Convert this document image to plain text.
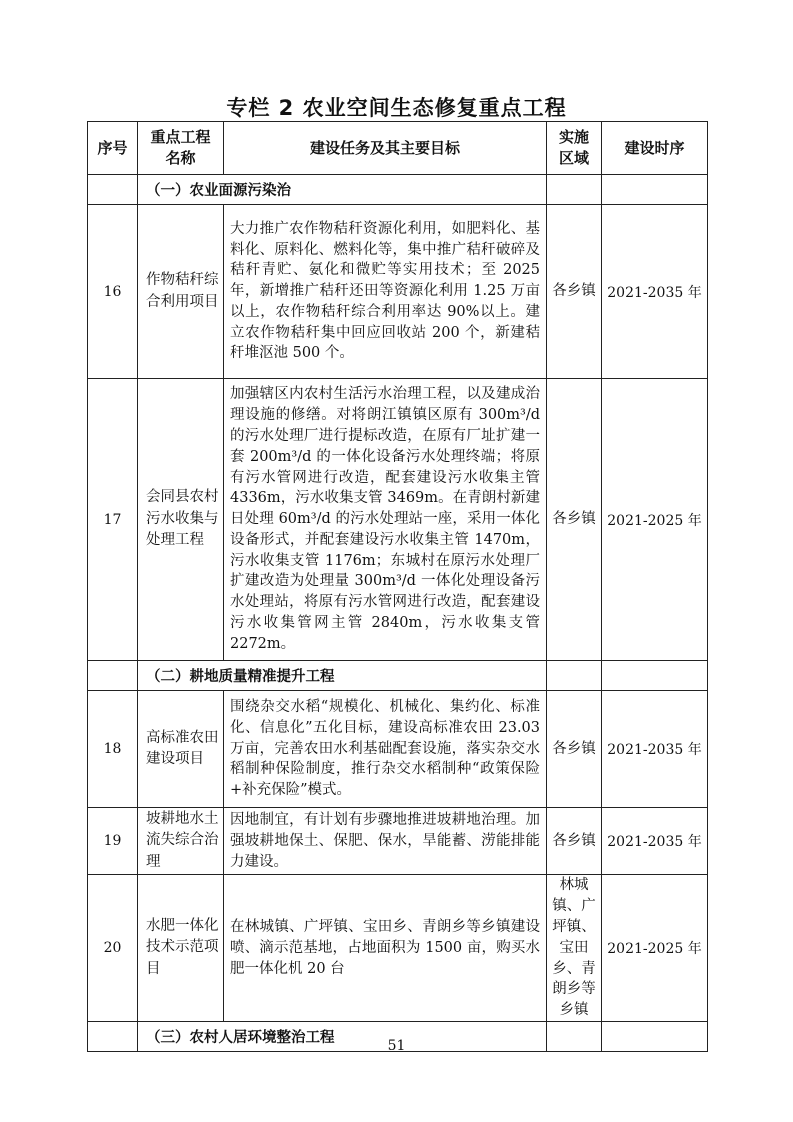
专栏 2 农业空间生态修复重点工程
序号	重点工程名称	建设任务及其主要目标	实施区域	建设时序
	（一）农业面源污染治			
16	作物秸秆综合利用项目	大力推广农作物秸秆资源化利用，如肥料化、基料化、原料化、燃料化等，集中推广秸秆破碎及秸秆青贮、氨化和微贮等实用技术；至 2025 年，新增推广秸秆还田等资源化利用 1.25 万亩以上，农作物秸秆综合利用率达 90%以上。建立农作物秸秆集中回应回收站 200 个，新建秸秆堆沤池 500 个。	各乡镇	2021-2035 年
17	会同县农村污水收集与处理工程	加强辖区内农村生活污水治理工程，以及建成治理设施的修缮。对将朗江镇镇区原有 300m³/d 的污水处理厂进行提标改造，在原有厂址扩建一套 200m³/d 的一体化设备污水处理终端；将原有污水管网进行改造，配套建设污水收集主管 4336m，污水收集支管 3469m。在青朗村新建日处理 60m³/d 的污水处理站一座，采用一体化设备形式，并配套建设污水收集主管 1470m，污水收集支管 1176m；东城村在原污水处理厂扩建改造为处理量 300m³/d 一体化处理设备污水处理站，将原有污水管网进行改造，配套建设污水收集管网主管 2840m，污水收集支管 2272m。	各乡镇	2021-2025 年
	（二）耕地质量精准提升工程			
18	高标准农田建设项目	围绕杂交水稻“规模化、机械化、集约化、标准化、信息化”五化目标，建设高标准农田 23.03 万亩，完善农田水利基础配套设施，落实杂交水稻制种保险制度，推行杂交水稻制种“政策保险+补充保险”模式。	各乡镇	2021-2035 年
19	坡耕地水土流失综合治理	因地制宜，有计划有步骤地推进坡耕地治理。加强坡耕地保土、保肥、保水，旱能蓄、涝能排能力建设。	各乡镇	2021-2035 年
20	水肥一体化技术示范项目	在林城镇、广坪镇、宝田乡、青朗乡等乡镇建设喷、滴示范基地，占地面积为 1500 亩，购买水肥一体化机 20 台	林城镇、广坪镇、宝田乡、青朗乡等乡镇	2021-2025 年
	（三）农村人居环境整治工程			
51
